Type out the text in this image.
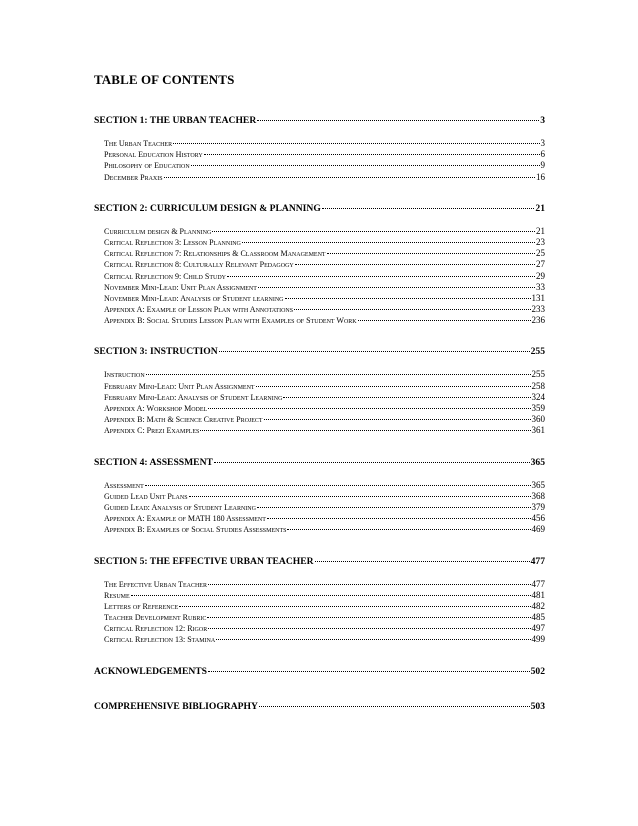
TABLE OF CONTENTS
SECTION 1: THE URBAN TEACHER	3
The Urban Teacher	3
Personal Education History	6
Philosophy of Education	9
December Praxis	16
SECTION 2: CURRICULUM DESIGN & PLANNING	21
Curriculum design & Planning	21
Critical Reflection 3: Lesson Planning	23
Critical Reflection 7: Relationships & Classroom Management	25
Critical Reflection 8: Culturally Relevant Pedagogy	27
Critical Reflection 9: Child Study	29
November Mini-Lead: Unit Plan Assignment	33
November Mini-Lead: Analysis of Student learning	131
Appendix A: Example of Lesson Plan with Annotations	233
Appendix B: Social Studies Lesson Plan with Examples of Student Work	236
SECTION 3: INSTRUCTION	255
Instruction	255
February Mini-Lead: Unit Plan Assignment	258
February Mini-Lead: Analysis of Student Learning	324
Appendix A: Workshop Model	359
Appendix B: Math & Science Creative Project	360
Appendix C: Prezi Examples	361
SECTION 4: ASSESSMENT	365
Assessment	365
Guided Lead Unit Plans	368
Guided Lead: Analysis of Student Learning	379
Appendix A: Example of MATH 180 Assessment	456
Appendix B: Examples of Social Studies Assessments	469
SECTION 5: THE EFFECTIVE URBAN TEACHER	477
The Effective Urban Teacher	477
Resume	481
Letters of Reference	482
Teacher Development Rubric	485
Critical Reflection 12: Rigor	497
Critical Reflection 13: Stamina	499
ACKNOWLEDGEMENTS	502
COMPREHENSIVE BIBLIOGRAPHY	503
